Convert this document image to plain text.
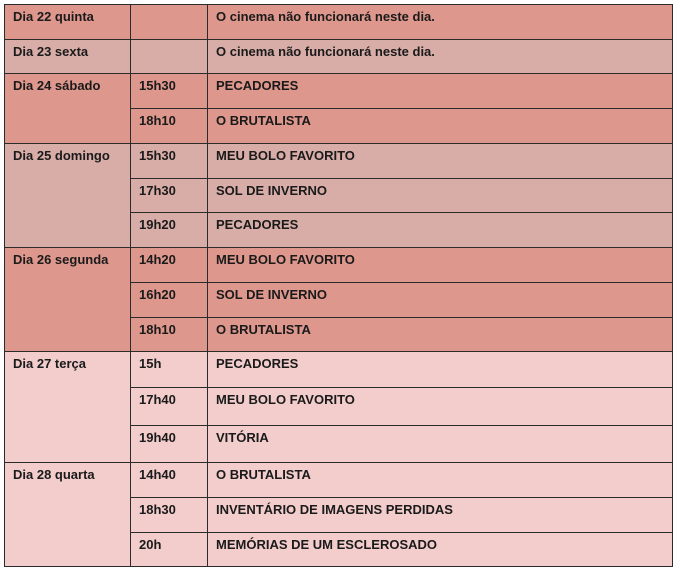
Dia 22 quinta		O cinema não funcionará neste dia.
Dia 23 sexta		O cinema não funcionará neste dia.
Dia 24 sábado	15h30	PECADORES
	18h10	O BRUTALISTA
Dia 25 domingo	15h30	MEU BOLO FAVORITO
	17h30	SOL DE INVERNO
	19h20	PECADORES
Dia 26 segunda	14h20	MEU BOLO FAVORITO
	16h20	SOL DE INVERNO
	18h10	O BRUTALISTA
Dia 27 terça	15h	PECADORES
	17h40	MEU BOLO FAVORITO
	19h40	VITÓRIA
Dia 28 quarta	14h40	O BRUTALISTA
	18h30	INVENTÁRIO DE IMAGENS PERDIDAS
	20h	MEMÓRIAS DE UM ESCLEROSADO
